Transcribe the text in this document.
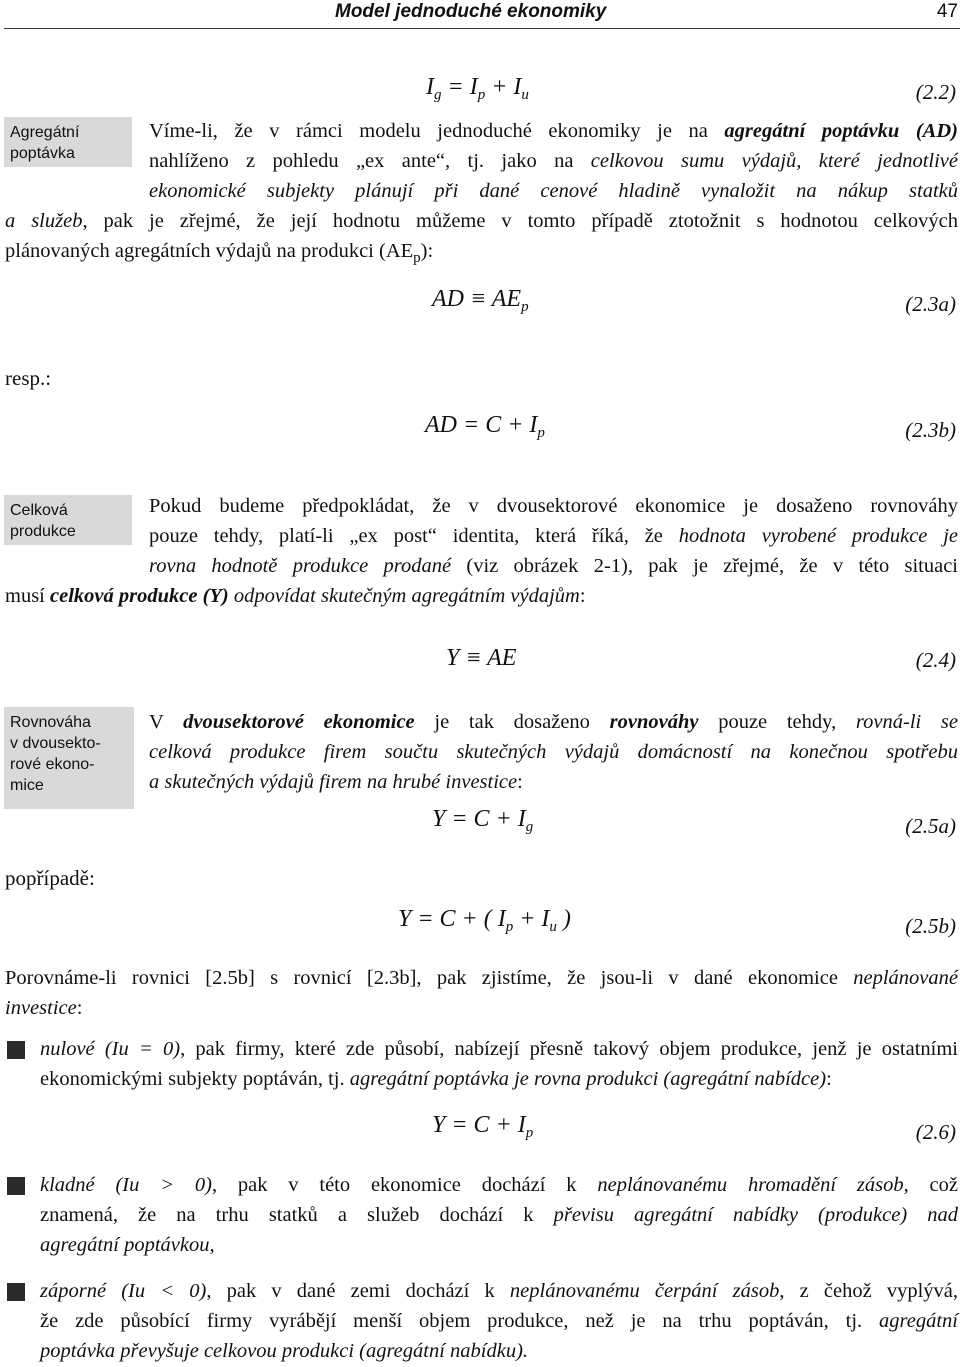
Model jednoduché ekonomiky	47
$I_g = I_p + I_u$	(2.2)
Agregátní
poptávka
Víme-li, že v rámci modelu jednoduché ekonomiky je na agregátní poptávku (AD)
nahlíženo z pohledu „ex ante“, tj. jako na celkovou sumu výdajů, které jednotlivé
ekonomické subjekty plánují při dané cenové hladině vynaložit na nákup statků
a služeb, pak je zřejmé, že její hodnotu můžeme v tomto případě ztotožnit s hodnotou celkových
plánovaných agregátních výdajů na produkci $(AE_p)$:
AD ≡ $AE_p$	(2.3a)
resp.:
AD = $C + I_p$	(2.3b)
Celková
produkce
Pokud budeme předpokládat, že v dvousektorové ekonomice je dosaženo rovnováhy
pouze tehdy, platí-li „ex post“ identita, která říká, že hodnota vyrobené produkce je
rovna hodnotě produkce prodané (viz obrázek 2-1), pak je zřejmé, že v této situaci
musí celková produkce (Y) odpovídat skutečným agregátním výdajům:
Y ≡ AE	(2.4)
Rovnováha
v dvousekto-
rové ekono-
mice
V dvousektorové ekonomice je tak dosaženo rovnováhy pouze tehdy, rovná-li se
celková produkce firem součtu skutečných výdajů domácností na konečnou spotřebu
a skutečných výdajů firem na hrubé investice:
$Y = C + I_g$	(2.5a)
popřípadě:
Y = C + ( $I_p + I_u$ )	(2.5b)
Porovnáme-li rovnici [2.5b] s rovnicí [2.3b], pak zjistíme, že jsou-li v dané ekonomice neplánované
investice:
nulové (Iu = 0), pak firmy, které zde působí, nabízejí přesně takový objem produkce, jenž je ostatními
ekonomickými subjekty poptáván, tj. agregátní poptávka je rovna produkci (agregátní nabídce):
$Y = C + I_p$	(2.6)
kladné (Iu > 0), pak v této ekonomice dochází k neplánovanému hromadění zásob, což
znamená, že na trhu statků a služeb dochází k převisu agregátní nabídky (produkce) nad
agregátní poptávkou,
záporné (Iu < 0), pak v dané zemi dochází k neplánovanému čerpání zásob, z čehož vyplývá,
že zde působící firmy vyrábějí menší objem produkce, než je na trhu poptáván, tj. agregátní
poptávka převyšuje celkovou produkci (agregátní nabídku).
